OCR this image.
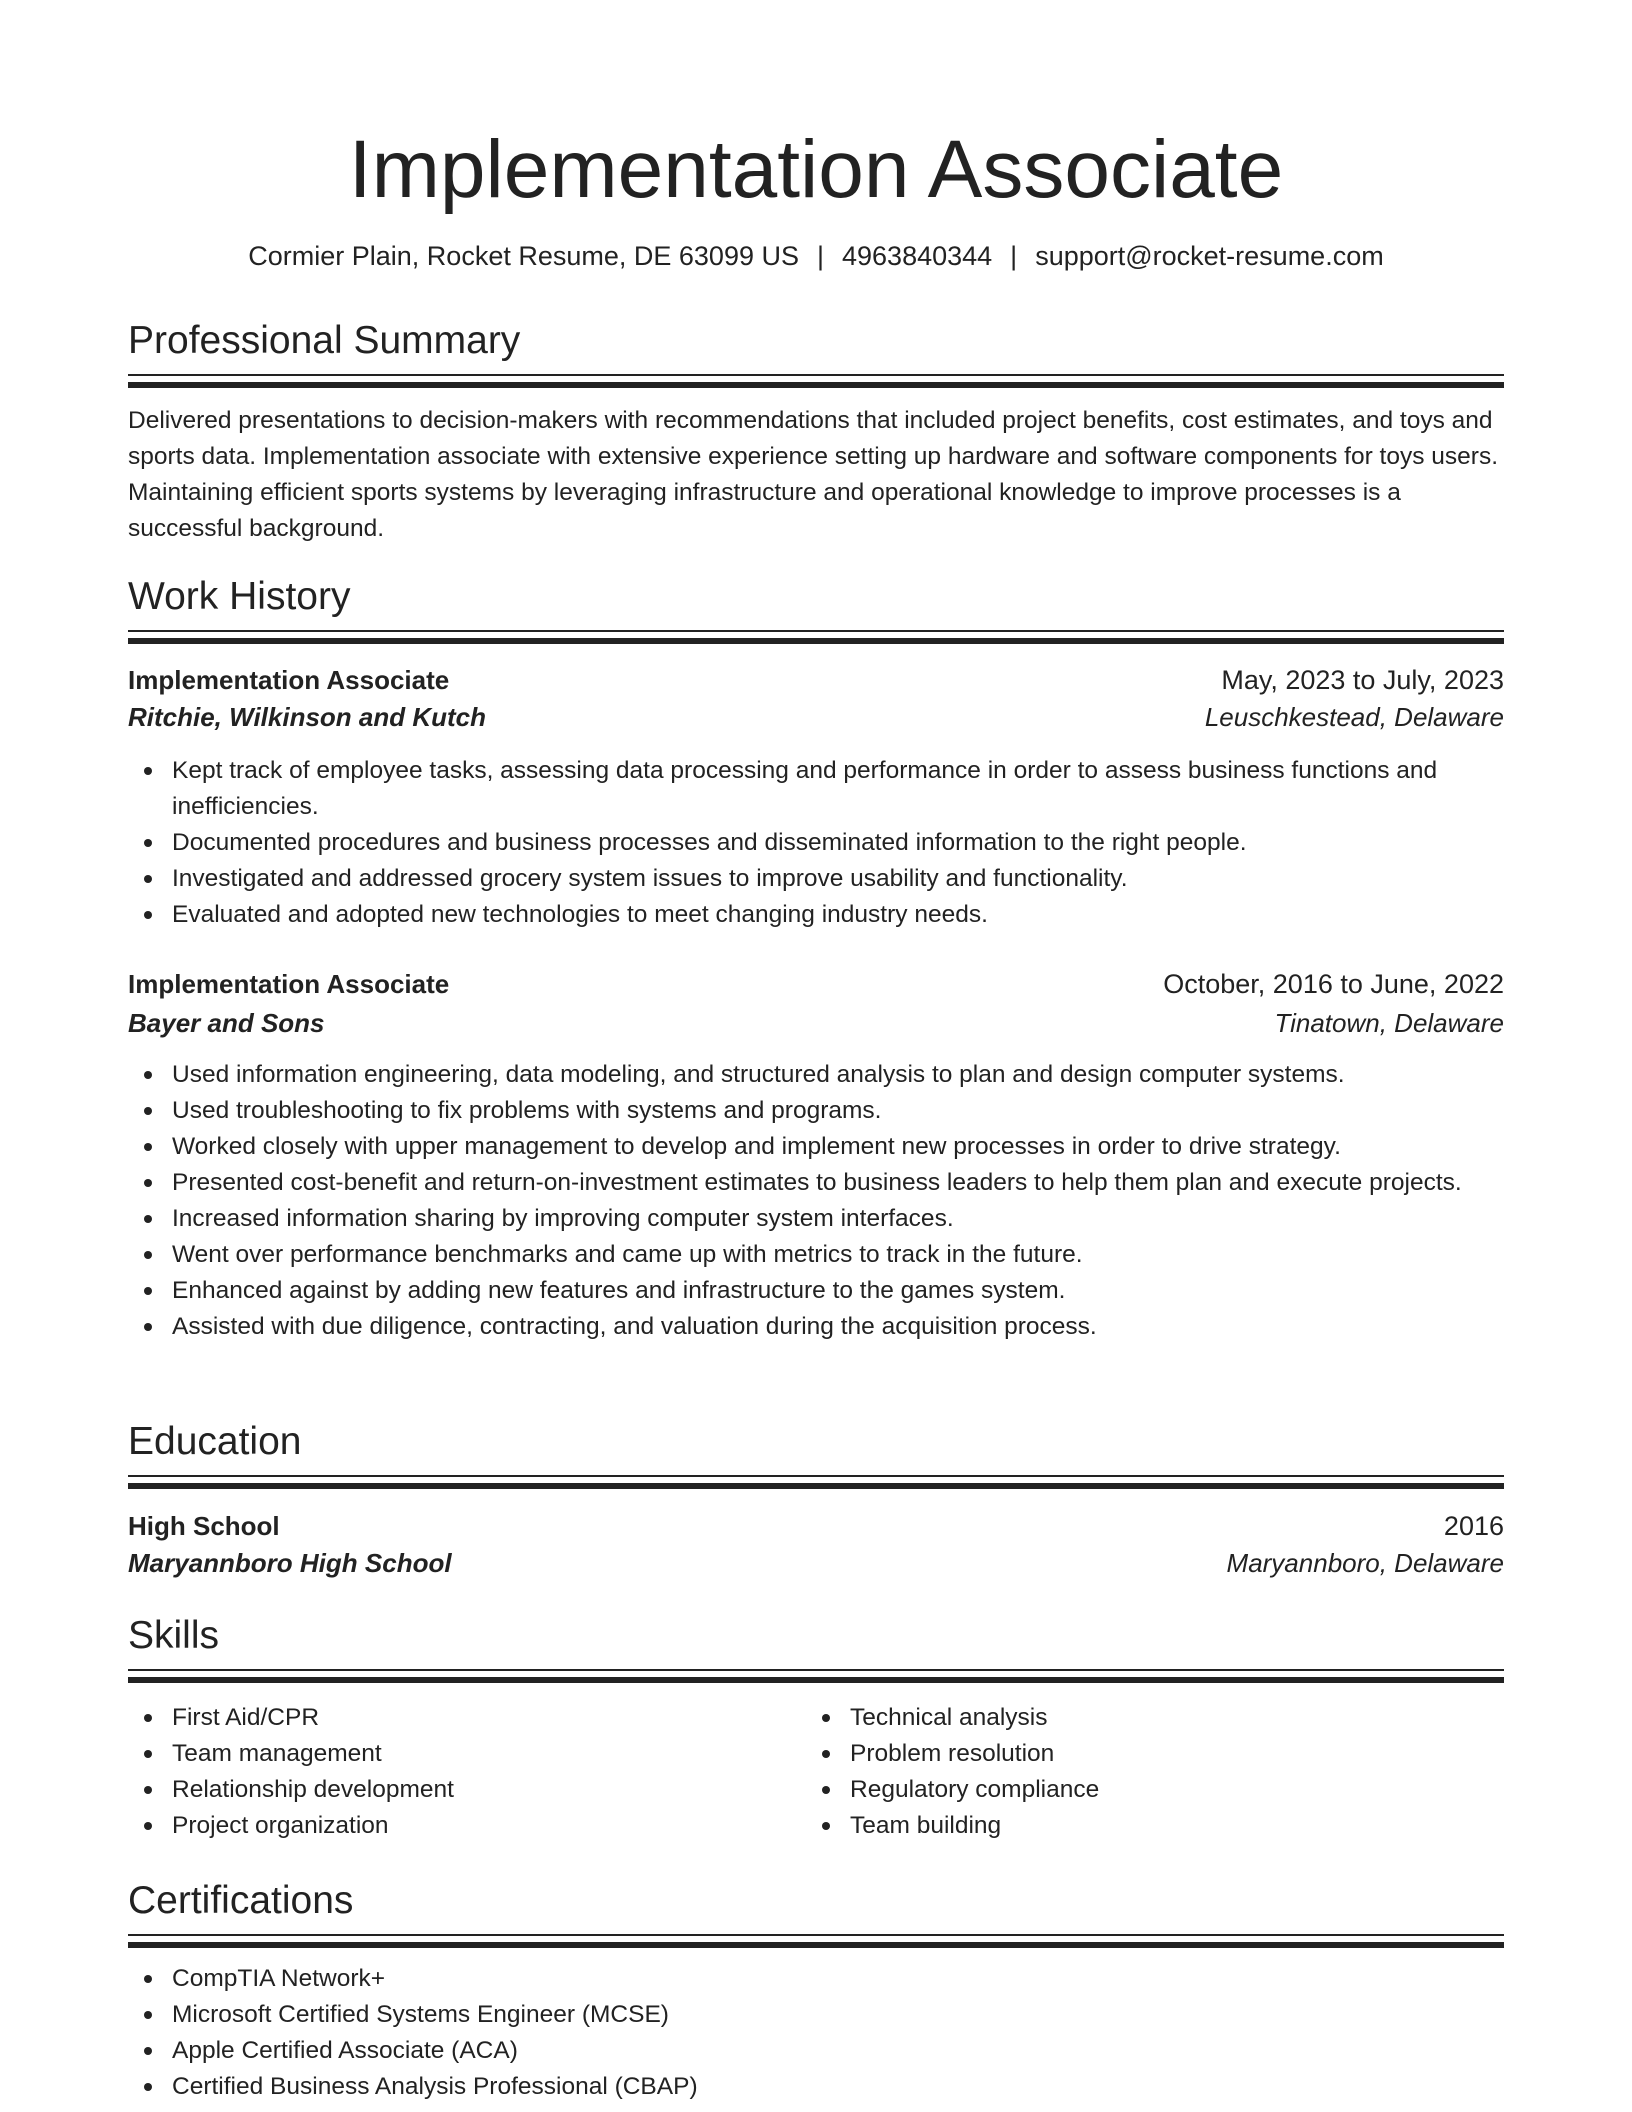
Implementation Associate
Cormier Plain, Rocket Resume, DE 63099 US | 4963840344 | support@rocket-resume.com
Professional Summary
Delivered presentations to decision-makers with recommendations that included project benefits, cost estimates, and toys and sports data. Implementation associate with extensive experience setting up hardware and software components for toys users. Maintaining efficient sports systems by leveraging infrastructure and operational knowledge to improve processes is a successful background.
Work History
Implementation Associate	May, 2023 to July, 2023
Ritchie, Wilkinson and Kutch	Leuschkestead, Delaware
Kept track of employee tasks, assessing data processing and performance in order to assess business functions and inefficiencies.
Documented procedures and business processes and disseminated information to the right people.
Investigated and addressed grocery system issues to improve usability and functionality.
Evaluated and adopted new technologies to meet changing industry needs.
Implementation Associate	October, 2016 to June, 2022
Bayer and Sons	Tinatown, Delaware
Used information engineering, data modeling, and structured analysis to plan and design computer systems.
Used troubleshooting to fix problems with systems and programs.
Worked closely with upper management to develop and implement new processes in order to drive strategy.
Presented cost-benefit and return-on-investment estimates to business leaders to help them plan and execute projects.
Increased information sharing by improving computer system interfaces.
Went over performance benchmarks and came up with metrics to track in the future.
Enhanced against by adding new features and infrastructure to the games system.
Assisted with due diligence, contracting, and valuation during the acquisition process.
Education
High School	2016
Maryannboro High School	Maryannboro, Delaware
Skills
First Aid/CPR
Team management
Relationship development
Project organization
Technical analysis
Problem resolution
Regulatory compliance
Team building
Certifications
CompTIA Network+
Microsoft Certified Systems Engineer (MCSE)
Apple Certified Associate (ACA)
Certified Business Analysis Professional (CBAP)
